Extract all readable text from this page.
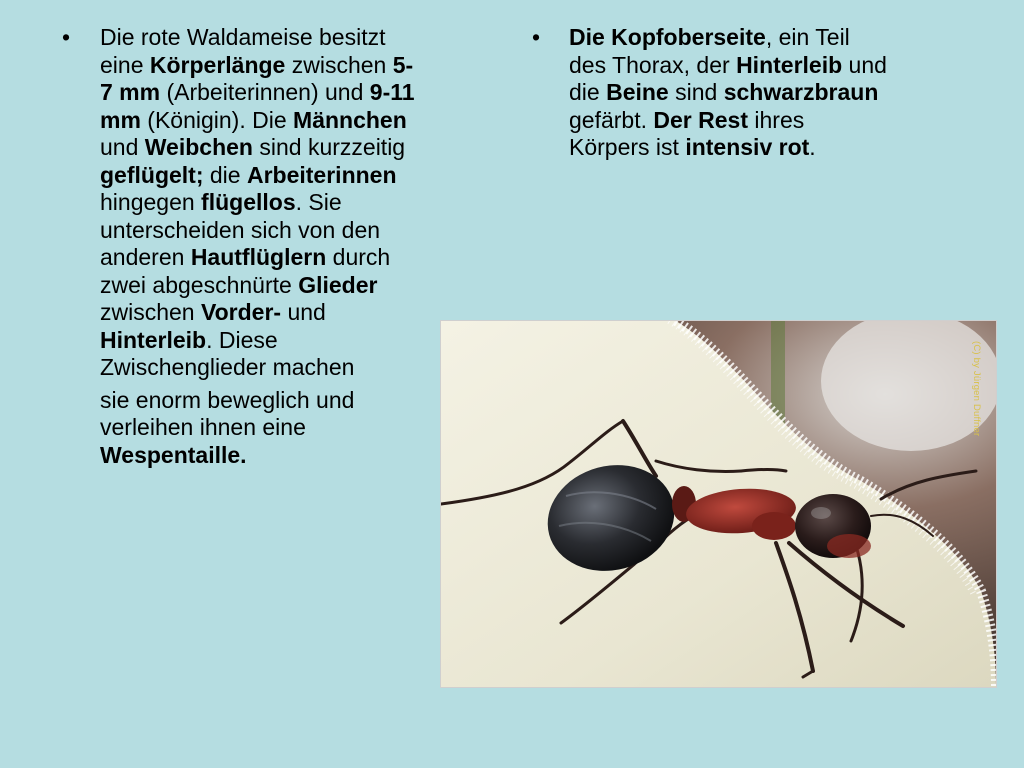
• Die rote Waldameise besitzt
eine Körperlänge zwischen 5-
7 mm (Arbeiterinnen) und 9-11
mm (Königin). Die Männchen
und Weibchen sind kurzzeitig
geflügelt; die Arbeiterinnen
hingegen flügellos. Sie
unterscheiden sich von den
anderen Hautflüglern durch
zwei abgeschnürte Glieder
zwischen Vorder- und
Hinterleib. Diese
Zwischenglieder machen
sie enorm beweglich und
verleihen ihnen eine
Wespentaille.
• Die Kopfoberseite, ein Teil
des Thorax, der Hinterleib und
die Beine sind schwarzbraun
gefärbt. Der Rest ihres
Körpers ist intensiv rot.
(C) by Jürgen Duffner
